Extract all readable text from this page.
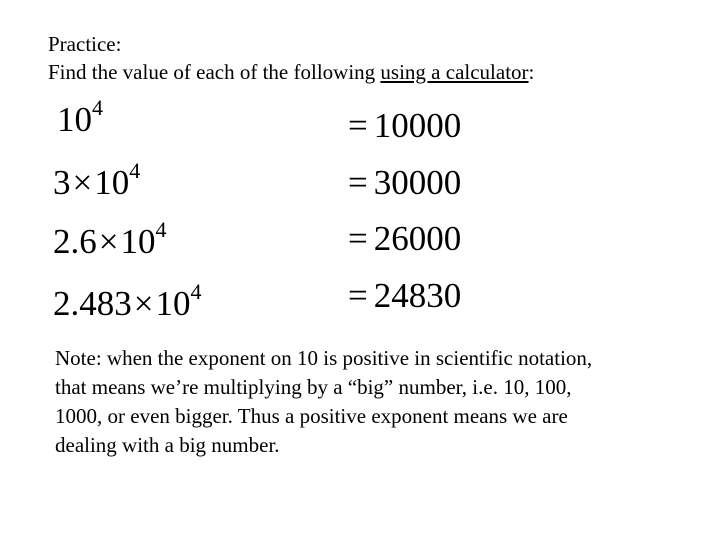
Practice:
Find the value of each of the following using a calculator:
$10^4$	= 10000
$3\times 10^4$	= 30000
$2.6\times 10^4$	= 26000
$2.483\times 10^4$	= 24830
Note: when the exponent on 10 is positive in scientific notation,
that means we’re multiplying by a “big” number, i.e. 10, 100,
1000, or even bigger. Thus a positive exponent means we are
dealing with a big number.
